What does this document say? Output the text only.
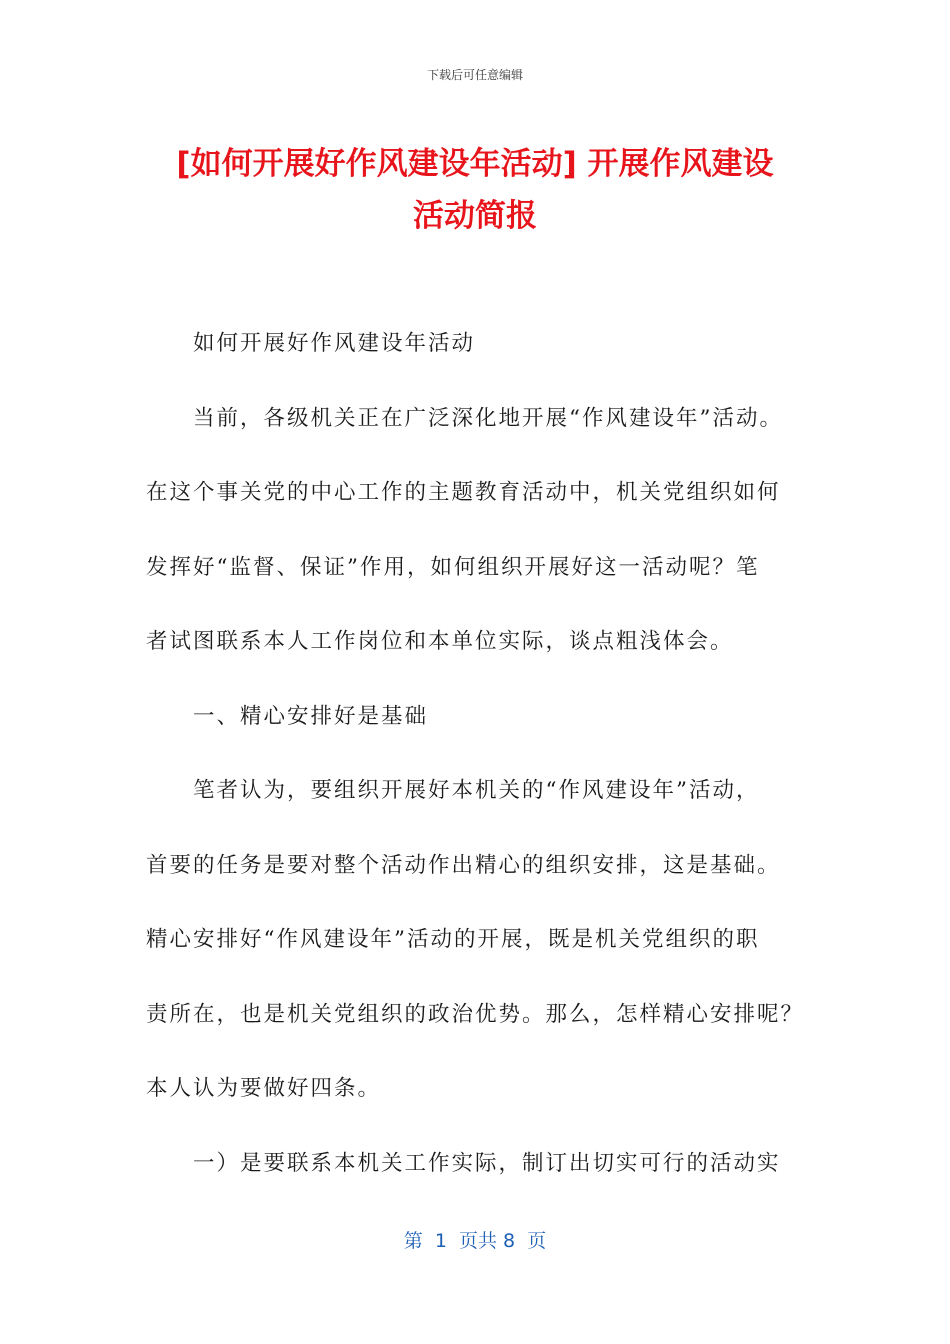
下载后可任意编辑
[如何开展好作风建设年活动] 开展作风建设
活动简报
如何开展好作风建设年活动
当前，各级机关正在广泛深化地开展“作风建设年”活动。
在这个事关党的中心工作的主题教育活动中，机关党组织如何
发挥好“监督、保证”作用，如何组织开展好这一活动呢？笔
者试图联系本人工作岗位和本单位实际，谈点粗浅体会。
一、精心安排好是基础
笔者认为，要组织开展好本机关的“作风建设年”活动，
首要的任务是要对整个活动作出精心的组织安排，这是基础。
精心安排好“作风建设年”活动的开展，既是机关党组织的职
责所在，也是机关党组织的政治优势。那么，怎样精心安排呢？
本人认为要做好四条。
一）是要联系本机关工作实际，制订出切实可行的活动实
第  1  页共 8  页
